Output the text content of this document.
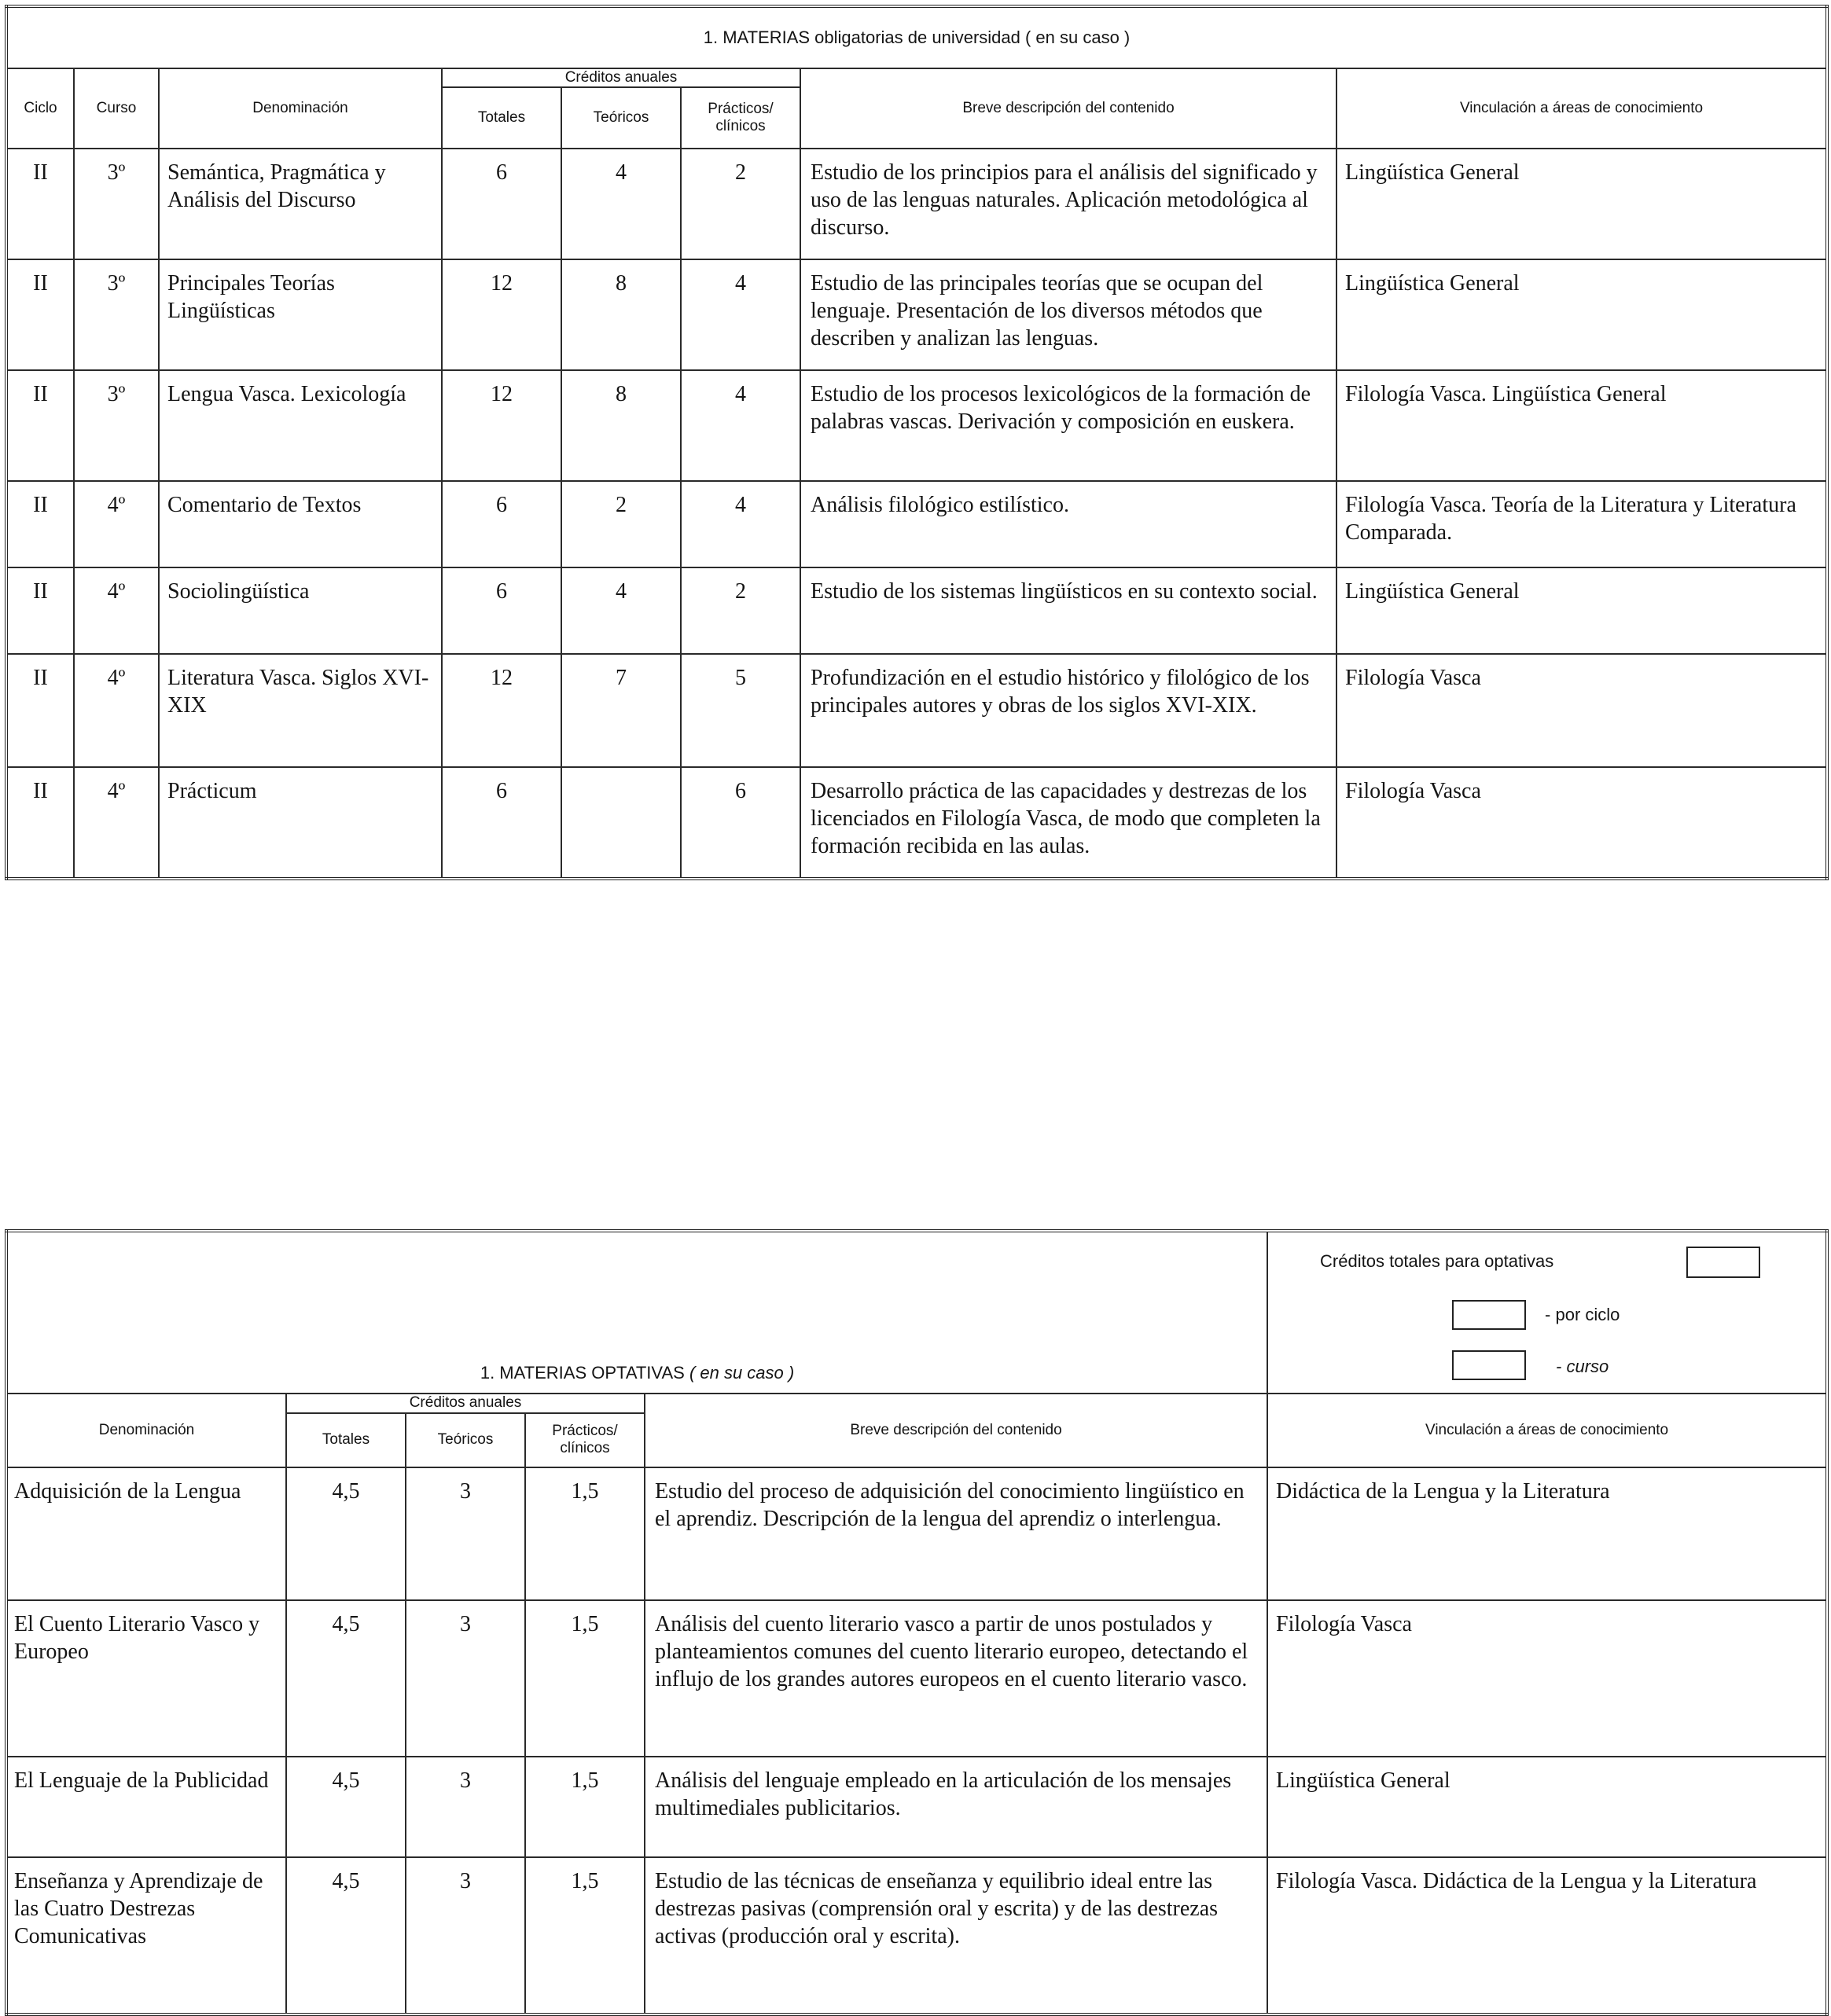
1. MATERIAS obligatorias de universidad ( en su caso )							
Ciclo	Curso	Denominación	Créditos anuales			Breve descripción del contenido	Vinculación a áreas de conocimiento
			Totales	Teóricos	Prácticos/ clínicos		
II	3º	Semántica, Pragmática y Análisis del Discurso	6	4	2	Estudio de los principios para el análisis del significado y uso de las lenguas naturales. Aplicación metodológica al discurso.	Lingüística General
II	3º	Principales Teorías Lingüísticas	12	8	4	Estudio de las principales teorías que se ocupan del lenguaje. Presentación de los diversos métodos que describen y analizan las lenguas.	Lingüística General
II	3º	Lengua Vasca. Lexicología	12	8	4	Estudio de los procesos lexicológicos de la formación de palabras vascas. Derivación y composición en euskera.	Filología Vasca. Lingüística General
II	4º	Comentario de Textos	6	2	4	Análisis filológico estilístico.	Filología Vasca. Teoría de la Literatura y Literatura Comparada.
II	4º	Sociolingüística	6	4	2	Estudio de los sistemas lingüísticos en su contexto social.	Lingüística General
II	4º	Literatura Vasca. Siglos XVI-XIX	12	7	5	Profundización en el estudio histórico y filológico de los principales autores y obras de los siglos XVI-XIX.	Filología Vasca
II	4º	Prácticum	6		6	Desarrollo práctica de las capacidades y destrezas de los licenciados en Filología Vasca, de modo que completen la formación recibida en las aulas.	Filología Vasca
1. MATERIAS OPTATIVAS ( en su caso )					Créditos totales para optativas
- por ciclo
- curso

Denominación	Créditos anuales			Breve descripción del contenido	Vinculación a áreas de conocimiento
	Totales	Teóricos	Prácticos/ clínicos		
Adquisición de la Lengua	4,5	3	1,5	Estudio del proceso de adquisición del conocimiento lingüístico en el aprendiz. Descripción de la lengua del aprendiz o interlengua.	Didáctica de la Lengua y la Literatura
El Cuento Literario Vasco y Europeo	4,5	3	1,5	Análisis del cuento literario vasco a partir de unos postulados y planteamientos comunes del cuento literario europeo, detectando el influjo de los grandes autores europeos en el cuento literario vasco.	Filología Vasca
El Lenguaje de la Publicidad	4,5	3	1,5	Análisis del lenguaje empleado en la articulación de los mensajes multimediales publicitarios.	Lingüística General
Enseñanza y Aprendizaje de las Cuatro Destrezas Comunicativas	4,5	3	1,5	Estudio de las técnicas de enseñanza y equilibrio ideal entre las destrezas pasivas (comprensión oral y escrita) y de las destrezas activas (producción oral y escrita).	Filología Vasca. Didáctica de la Lengua y la Literatura
